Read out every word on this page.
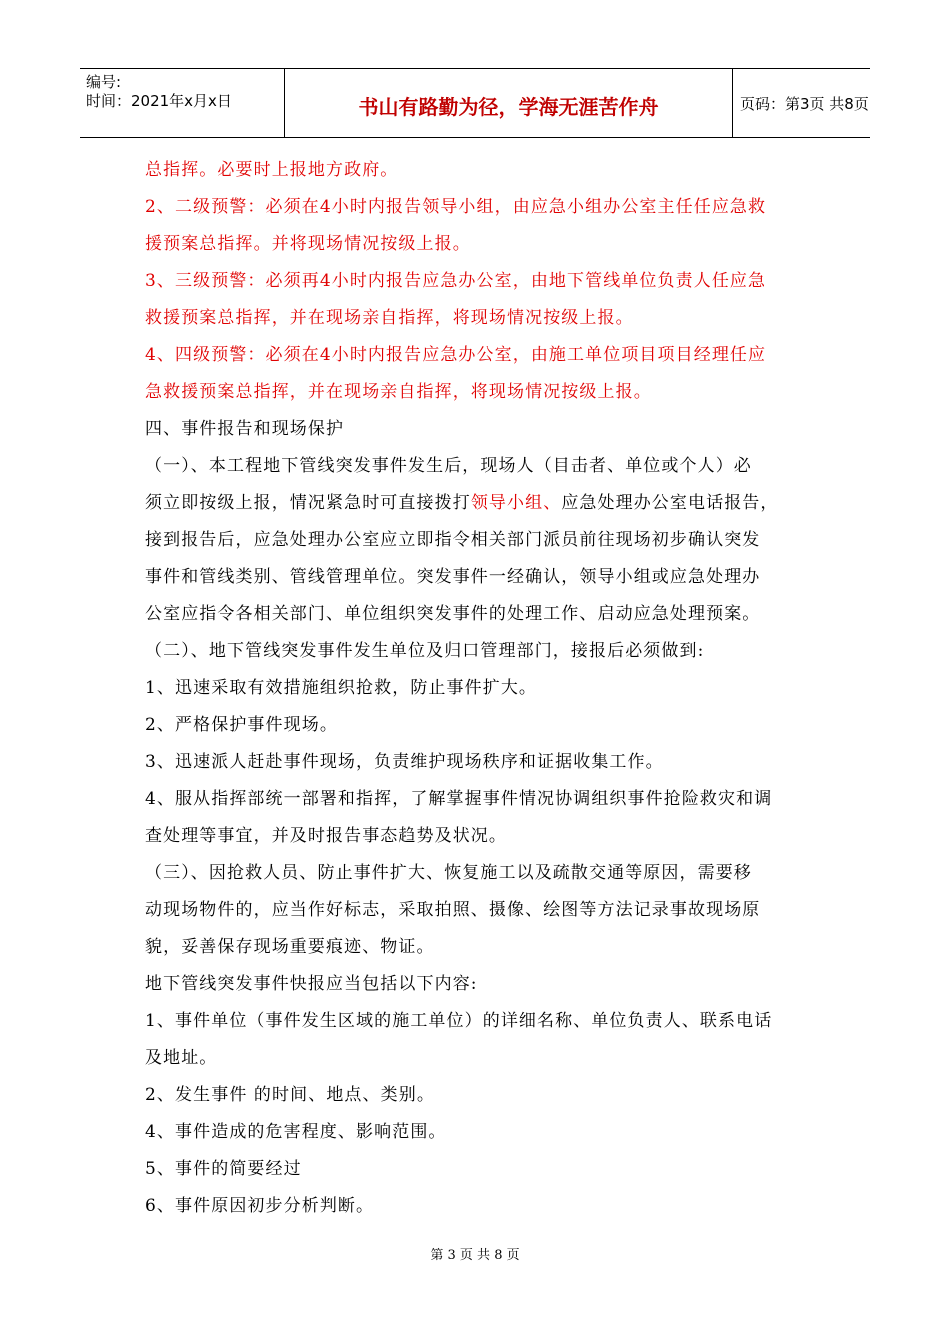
编号:
时间：2021年x月x日	书山有路勤为径，学海无涯苦作舟	页码：第3页 共8页
总指挥。必要时上报地方政府。
2、二级预警：必须在4小时内报告领导小组，由应急小组办公室主任任应急救
援预案总指挥。并将现场情况按级上报。
3、三级预警：必须再4小时内报告应急办公室，由地下管线单位负责人任应急
救援预案总指挥，并在现场亲自指挥，将现场情况按级上报。
4、四级预警：必须在4小时内报告应急办公室，由施工单位项目项目经理任应
急救援预案总指挥，并在现场亲自指挥，将现场情况按级上报。
四、事件报告和现场保护
（一）、本工程地下管线突发事件发生后，现场人（目击者、单位或个人）必
须立即按级上报，情况紧急时可直接拨打领导小组、应急处理办公室电话报告，
接到报告后，应急处理办公室应立即指令相关部门派员前往现场初步确认突发
事件和管线类别、管线管理单位。突发事件一经确认，领导小组或应急处理办
公室应指令各相关部门、单位组织突发事件的处理工作、启动应急处理预案。
（二）、地下管线突发事件发生单位及归口管理部门，接报后必须做到:
1、迅速采取有效措施组织抢救，防止事件扩大。
2、严格保护事件现场。
3、迅速派人赶赴事件现场，负责维护现场秩序和证据收集工作。
4、服从指挥部统一部署和指挥，了解掌握事件情况协调组织事件抢险救灾和调
查处理等事宜，并及时报告事态趋势及状况。
（三）、因抢救人员、防止事件扩大、恢复施工以及疏散交通等原因，需要移
动现场物件的，应当作好标志，采取拍照、摄像、绘图等方法记录事故现场原
貌，妥善保存现场重要痕迹、物证。
地下管线突发事件快报应当包括以下内容:
1、事件单位（事件发生区域的施工单位）的详细名称、单位负责人、联系电话
及地址。
2、发生事件 的时间、地点、类别。
4、事件造成的危害程度、影响范围。
5、事件的简要经过
6、事件原因初步分析判断。
第 3 页 共 8 页
